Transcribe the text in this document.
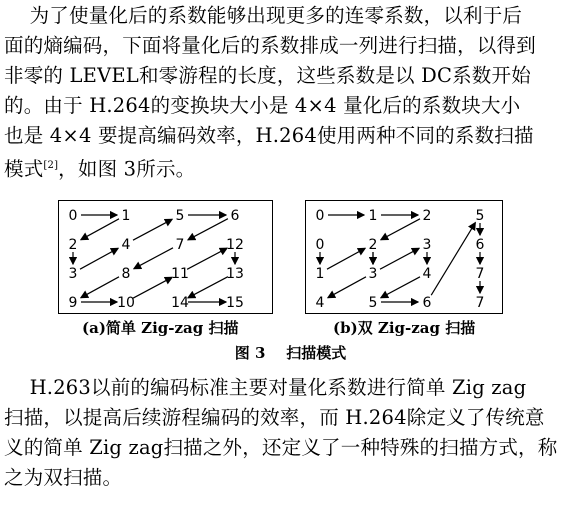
为了使量化后的系数能够出现更多的连零系数，以利于后
面的熵编码，下面将量化后的系数排成一列进行扫描，以得到
非零的 LEVEL和零游程的长度，这些系数是以 DC系数开始
的。由于 H.264的变换块大小是 4×4 量化后的系数块大小
也是 4×4 要提高编码效率，H.264使用两种不同的系数扫描
模式[2]，如图 3所示。
0	1	5	6
2	4	7	12
3	8	11	13
9	10	14	15
0	1	2	5
0	2	3	6
1	3	4	7
4	5	6	7
(a)简单 Zig-zag 扫描	(b)双 Zig-zag 扫描
图 3    扫描模式
H.263以前的编码标准主要对量化系数进行简单 Zig zag
扫描，以提高后续游程编码的效率，而 H.264除定义了传统意
义的简单 Zig zag扫描之外，还定义了一种特殊的扫描方式，称
之为双扫描。
